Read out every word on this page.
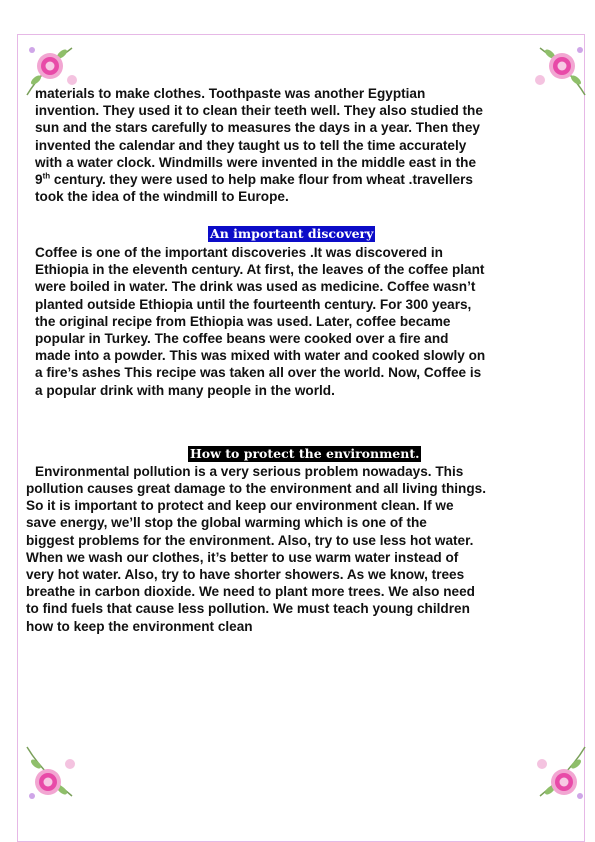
materials to make clothes. Toothpaste was another Egyptian
invention. They used it to clean their teeth well. They also studied the
sun and the stars carefully to measures the days in a year. Then they
invented the calendar and they taught us to tell the time accurately
with a water clock. Windmills were invented in the middle east in the
9th century. they were used to help make flour from wheat .travellers
took the idea of the windmill to Europe.

An important discovery

Coffee is one of the important discoveries .It was discovered in
Ethiopia in the eleventh century. At first, the leaves of the coffee plant
were boiled in water. The drink was used as medicine. Coffee wasn’t
planted outside Ethiopia until the fourteenth century. For 300 years,
the original recipe from Ethiopia was used. Later, coffee became
popular in Turkey. The coffee beans were cooked over a fire and
made into a powder. This was mixed with water and cooked slowly on
a fire’s ashes This recipe was taken all over the world. Now, Coffee is
a popular drink with many people in the world.

How to protect the environment.

Environmental pollution is a very serious problem nowadays. This

pollution causes great damage to the environment and all living things.
So it is important to protect and keep our environment clean. If we
save energy, we’ll stop the global warming which is one of the
biggest problems for the environment. Also, try to use less hot water.
When we wash our clothes, it’s better to use warm water instead of
very hot water. Also, try to have shorter showers. As we know, trees
breathe in carbon dioxide. We need to plant more trees. We also need
to find fuels that cause less pollution. We must teach young children
how to keep the environment clean
